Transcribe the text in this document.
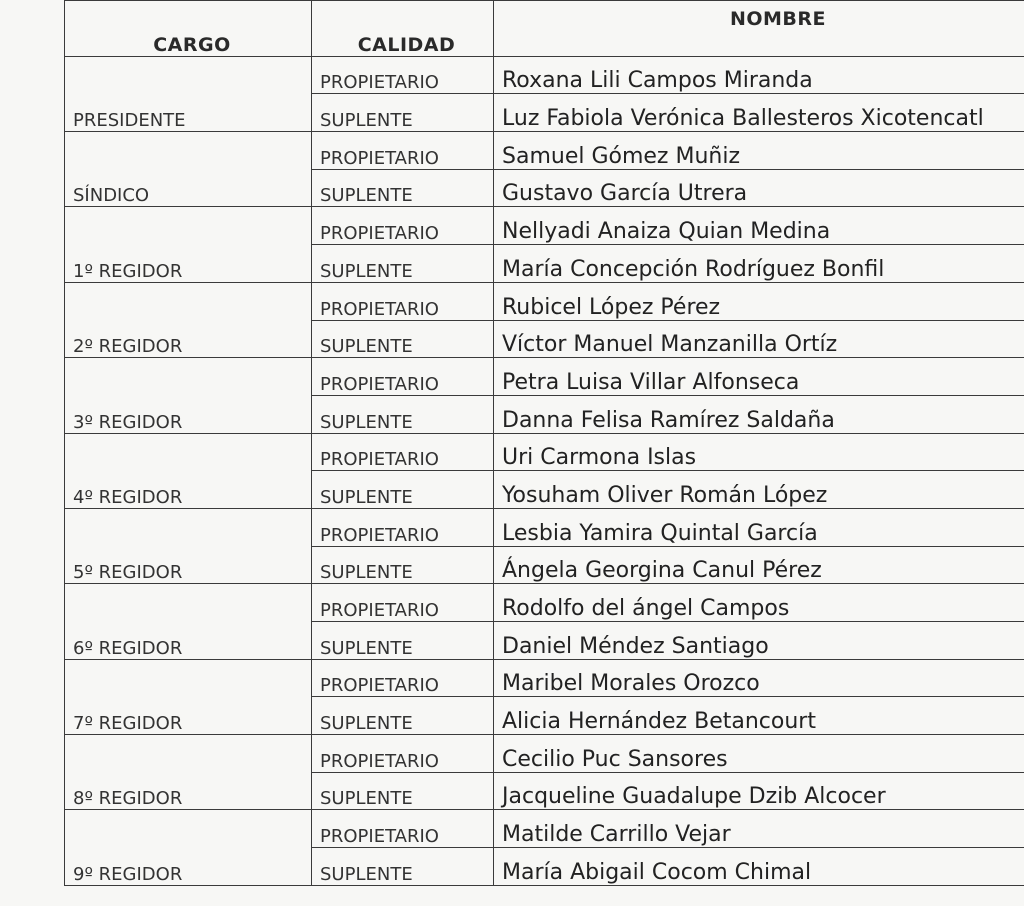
CARGO	CALIDAD	NOMBRE
PRESIDENTE	PROPIETARIO	Roxana Lili Campos Miranda
	SUPLENTE	Luz Fabiola Verónica Ballesteros Xicotencatl
SÍNDICO	PROPIETARIO	Samuel Gómez Muñiz
	SUPLENTE	Gustavo García Utrera
1º REGIDOR	PROPIETARIO	Nellyadi Anaiza Quian Medina
	SUPLENTE	María Concepción Rodríguez Bonfil
2º REGIDOR	PROPIETARIO	Rubicel López Pérez
	SUPLENTE	Víctor Manuel Manzanilla Ortíz
3º REGIDOR	PROPIETARIO	Petra Luisa Villar Alfonseca
	SUPLENTE	Danna Felisa Ramírez Saldaña
4º REGIDOR	PROPIETARIO	Uri Carmona Islas
	SUPLENTE	Yosuham Oliver Román López
5º REGIDOR	PROPIETARIO	Lesbia Yamira Quintal García
	SUPLENTE	Ángela Georgina Canul Pérez
6º REGIDOR	PROPIETARIO	Rodolfo del ángel Campos
	SUPLENTE	Daniel Méndez Santiago
7º REGIDOR	PROPIETARIO	Maribel Morales Orozco
	SUPLENTE	Alicia Hernández Betancourt
8º REGIDOR	PROPIETARIO	Cecilio Puc Sansores
	SUPLENTE	Jacqueline Guadalupe Dzib Alcocer
9º REGIDOR	PROPIETARIO	Matilde Carrillo Vejar
	SUPLENTE	María Abigail Cocom Chimal
